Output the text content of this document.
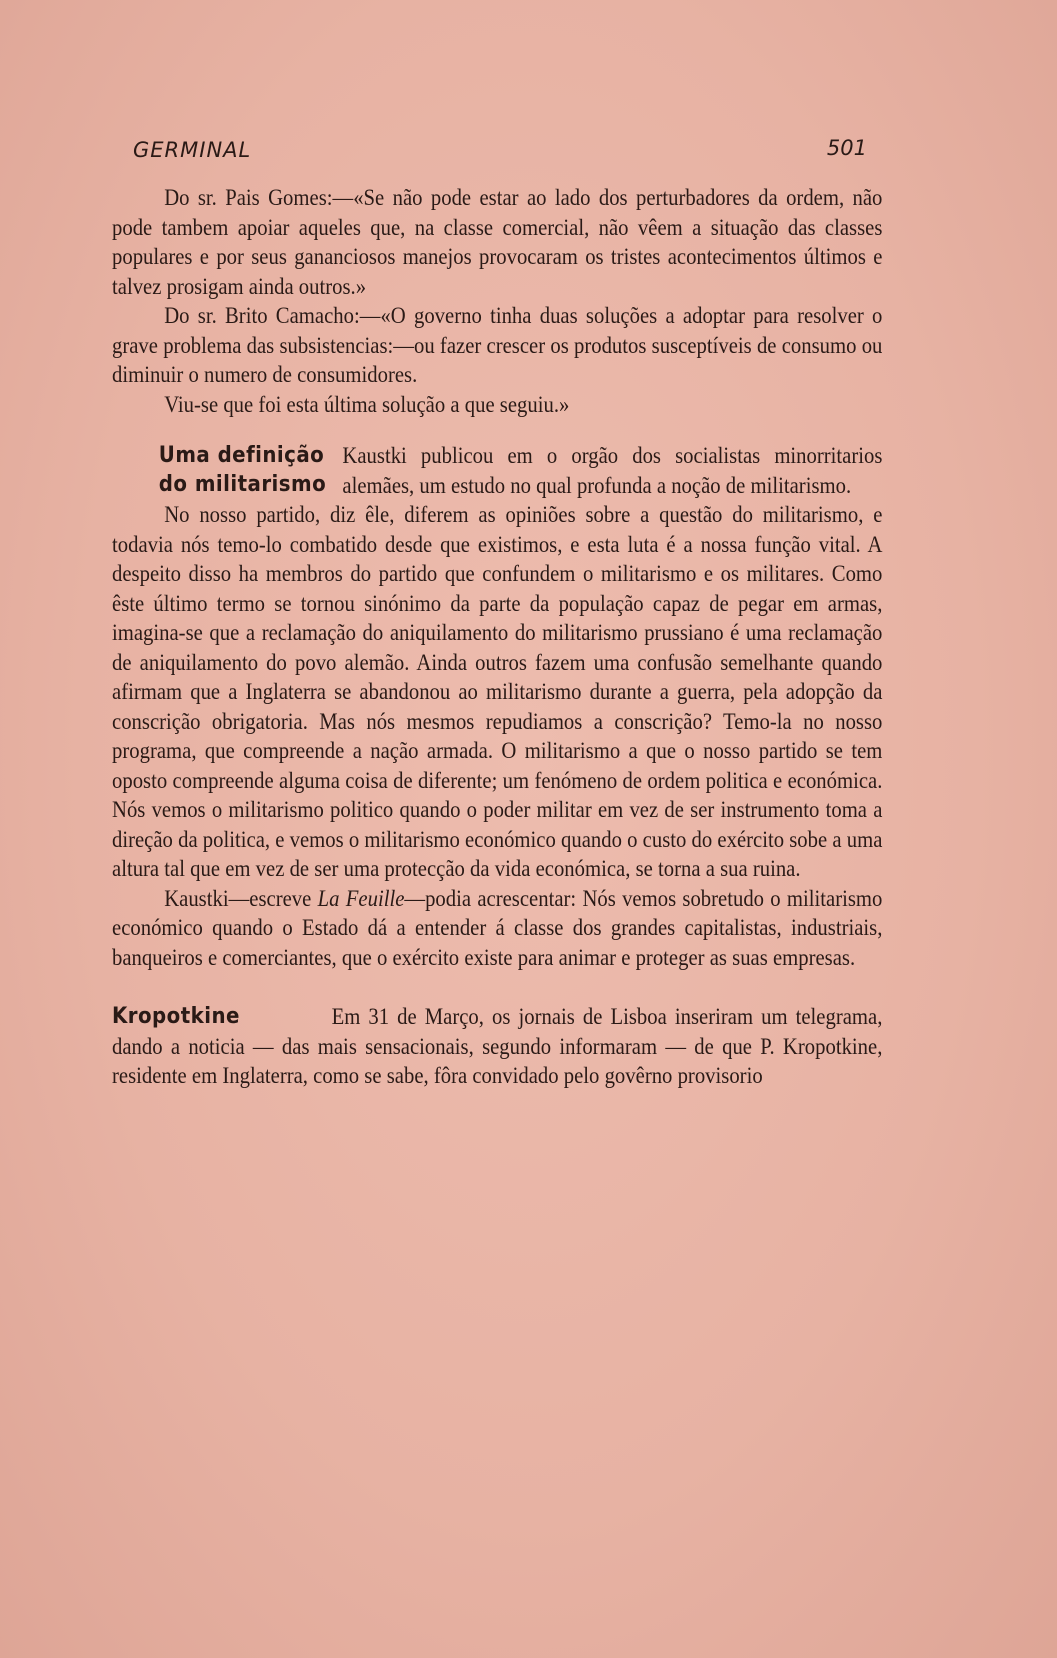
GERMINAL	501

Do sr. Pais Gomes:—«Se não pode estar ao lado dos perturbadores da ordem, não pode tambem apoiar aqueles que, na classe comercial, não vêem a situação das classes populares e por seus gananciosos manejos provocaram os tristes acontecimentos últimos e talvez prosigam ainda outros.»

Do sr. Brito Camacho:—«O governo tinha duas soluções a adoptar para resolver o grave problema das subsistencias:—ou fazer crescer os produtos susceptíveis de consumo ou diminuir o numero de consumidores.

Viu-se que foi esta última solução a que seguiu.»

Uma definição
do militarismo

Kaustki publicou em o orgão dos socialistas minorritarios alemães, um estudo no qual profunda a noção de militarismo.

No nosso partido, diz êle, diferem as opiniões sobre a questão do militarismo, e todavia nós temo-lo combatido desde que existimos, e esta luta é a nossa função vital. A despeito disso ha membros do partido que confundem o militarismo e os militares. Como êste último termo se tornou sinónimo da parte da população capaz de pegar em armas, imagina-se que a reclamação do aniquilamento do militarismo prussiano é uma reclamação de aniquilamento do povo alemão. Ainda outros fazem uma confusão semelhante quando afirmam que a Inglaterra se abandonou ao militarismo durante a guerra, pela adopção da conscrição obrigatoria. Mas nós mesmos repudiamos a conscrição? Temo-la no nosso programa, que compreende a nação armada. O militarismo a que o nosso partido se tem oposto compreende alguma coisa de diferente; um fenómeno de ordem politica e económica. Nós vemos o militarismo politico quando o poder militar em vez de ser instrumento toma a direção da politica, e vemos o militarismo económico quando o custo do exército sobe a uma altura tal que em vez de ser uma protecção da vida económica, se torna a sua ruina.

Kaustki—escreve La Feuille—podia acrescentar: Nós vemos sobretudo o militarismo económico quando o Estado dá a entender á classe dos grandes capitalistas, industriais, banqueiros e comerciantes, que o exército existe para animar e proteger as suas empresas.

Kropotkine	Em 31 de Março, os jornais de Lisboa inseriram um telegrama, dando a noticia — das mais sensacionais, segundo informaram — de que P. Kropotkine, residente em Inglaterra, como se sabe, fôra convidado pelo govêrno provisorio
